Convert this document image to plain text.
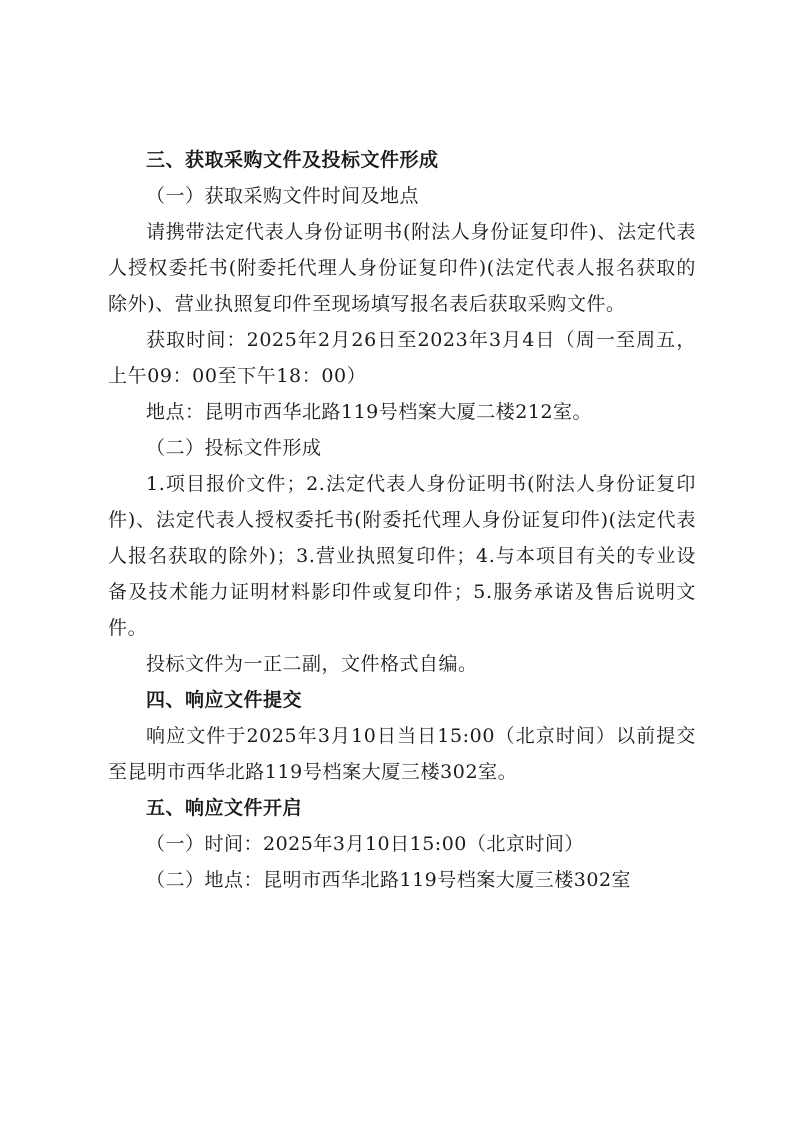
三、获取采购文件及投标文件形成
（一）获取采购文件时间及地点
请携带法定代表人身份证明书(附法人身份证复印件)、法定代表人授权委托书(附委托代理人身份证复印件)(法定代表人报名获取的除外)、营业执照复印件至现场填写报名表后获取采购文件。
获取时间：2025年2月26日至2023年3月4日（周一至周五，上午09：00至下午18：00）
地点：昆明市西华北路119号档案大厦二楼212室。
（二）投标文件形成
1.项目报价文件；2.法定代表人身份证明书(附法人身份证复印件)、法定代表人授权委托书(附委托代理人身份证复印件)(法定代表人报名获取的除外)；3.营业执照复印件；4.与本项目有关的专业设备及技术能力证明材料影印件或复印件；5.服务承诺及售后说明文件。
投标文件为一正二副，文件格式自编。
四、响应文件提交
响应文件于2025年3月10日当日15:00（北京时间）以前提交至昆明市西华北路119号档案大厦三楼302室。
五、响应文件开启
（一）时间：2025年3月10日15:00（北京时间）
（二）地点：昆明市西华北路119号档案大厦三楼302室
